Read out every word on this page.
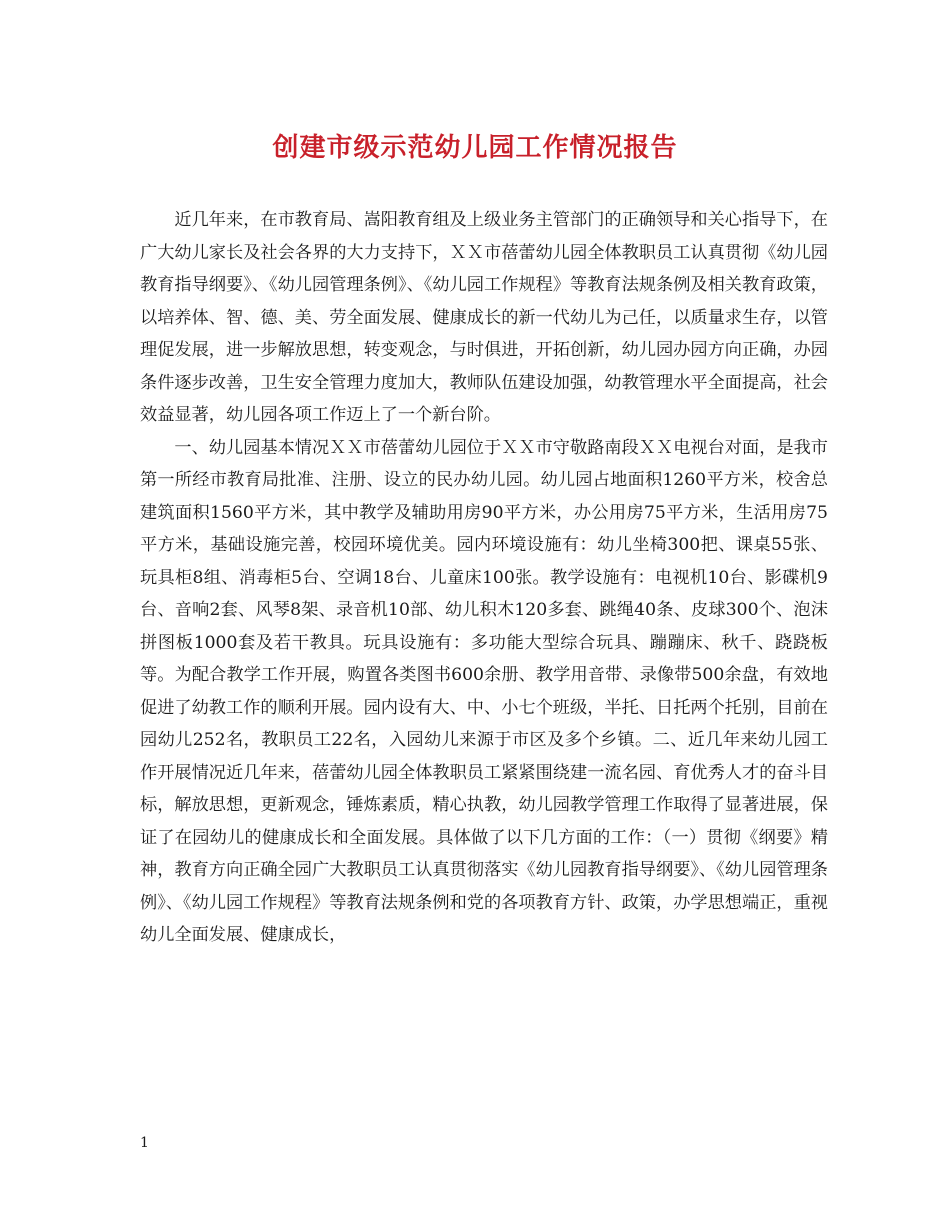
创建市级示范幼儿园工作情况报告

近几年来，在市教育局、嵩阳教育组及上级业务主管部门的正确领导和关心指导下，在广大幼儿家长及社会各界的大力支持下，ＸＸ市蓓蕾幼儿园全体教职员工认真贯彻《幼儿园教育指导纲要》、《幼儿园管理条例》、《幼儿园工作规程》等教育法规条例及相关教育政策，以培养体、智、德、美、劳全面发展、健康成长的新一代幼儿为己任，以质量求生存，以管理促发展，进一步解放思想，转变观念，与时俱进，开拓创新，幼儿园办园方向正确，办园条件逐步改善，卫生安全管理力度加大，教师队伍建设加强，幼教管理水平全面提高，社会效益显著，幼儿园各项工作迈上了一个新台阶。

一、幼儿园基本情况ＸＸ市蓓蕾幼儿园位于ＸＸ市守敬路南段ＸＸ电视台对面，是我市第一所经市教育局批准、注册、设立的民办幼儿园。幼儿园占地面积1260平方米，校舍总建筑面积1560平方米，其中教学及辅助用房90平方米，办公用房75平方米，生活用房75平方米，基础设施完善，校园环境优美。园内环境设施有：幼儿坐椅300把、课桌55张、玩具柜8组、消毒柜5台、空调18台、儿童床100张。教学设施有：电视机10台、影碟机9台、音响2套、风琴8架、录音机10部、幼儿积木120多套、跳绳40条、皮球300个、泡沫拼图板1000套及若干教具。玩具设施有：多功能大型综合玩具、蹦蹦床、秋千、跷跷板等。为配合教学工作开展，购置各类图书600余册、教学用音带、录像带500余盘，有效地促进了幼教工作的顺利开展。园内设有大、中、小七个班级，半托、日托两个托别，目前在园幼儿252名，教职员工22名，入园幼儿来源于市区及多个乡镇。二、近几年来幼儿园工作开展情况近几年来，蓓蕾幼儿园全体教职员工紧紧围绕建一流名园、育优秀人才的奋斗目标，解放思想，更新观念，锤炼素质，精心执教，幼儿园教学管理工作取得了显著进展，保证了在园幼儿的健康成长和全面发展。具体做了以下几方面的工作：（一）贯彻《纲要》精神，教育方向正确全园广大教职员工认真贯彻落实《幼儿园教育指导纲要》、《幼儿园管理条例》、《幼儿园工作规程》等教育法规条例和党的各项教育方针、政策，办学思想端正，重视幼儿全面发展、健康成长，

1
